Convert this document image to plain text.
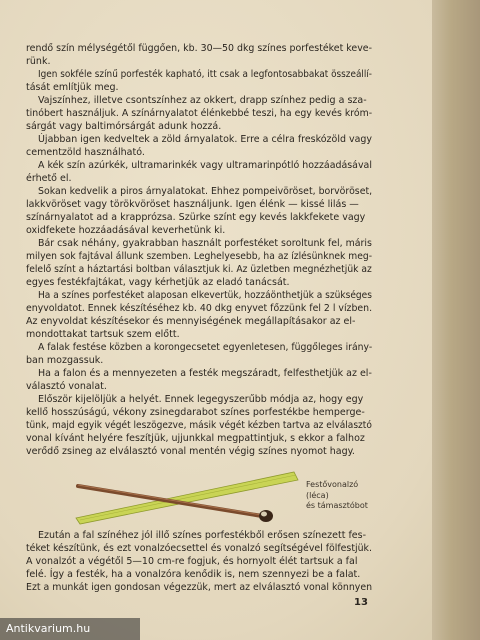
rendő szín mélységétől függően, kb. 30—50 dkg színes porfestéket keve-
rünk.
Igen sokféle színű porfesték kapható, itt csak a legfontosabbakat összeállí-
tását említjük meg.
Vajszínhez, illetve csontszínhez az okkert, drapp színhez pedig a sza-
tinóbert használjuk. A színárnyalatot élénkebbé teszi, ha egy kevés króm-
sárgát vagy baltimórsárgát adunk hozzá.
Újabban igen kedveltek a zöld árnyalatok. Erre a célra freskózöld vagy
cementzöld használható.
A kék szín azúrkék, ultramarinkék vagy ultramarinpótló hozzáadásával
érhető el.
Sokan kedvelik a piros árnyalatokat. Ehhez pompeivöröset, borvöröset,
lakkvöröset vagy törökvöröset használjunk. Igen élénk — kissé lilás —
színárnyalatot ad a krapprózsa. Szürke színt egy kevés lakkfekete vagy
oxidfekete hozzáadásával keverhetünk ki.
Bár csak néhány, gyakrabban használt porfestéket soroltunk fel, máris
milyen sok fajtával állunk szemben. Leghelyesebb, ha az ízlésünknek meg-
felelő színt a háztartási boltban választjuk ki. Az üzletben megnézhetjük az
egyes festékfajtákat, vagy kérhetjük az eladó tanácsát.
Ha a színes porfestéket alaposan elkevertük, hozzáönthetjük a szükséges
enyvoldatot. Ennek készítéséhez kb. 40 dkg enyvet főzzünk fel 2 l vízben.
Az enyvoldat készítésekor és mennyiségének megállapításakor az el-
mondottakat tartsuk szem előtt.
A falak festése közben a korongecsetet egyenletesen, függőleges irány-
ban mozgassuk.
Ha a falon és a mennyezeten a festék megszáradt, felfesthetjük az el-
választó vonalat.
Először kijelöljük a helyét. Ennek legegyszerűbb módja az, hogy egy
kellő hosszúságú, vékony zsinegdarabot színes porfestékbe hemperge-
tünk, majd egyik végét leszögezve, másik végét kézben tartva az elválasztó
vonal kívánt helyére feszítjük, ujjunkkal megpattintjuk, s ekkor a falhoz
verődő zsineg az elválasztó vonal mentén végig színes nyomot hagy.
Ezután a fal színéhez jól illő színes porfestékből erősen színezett fes-
téket készítünk, és ezt vonalzóecsettel és vonalzó segítségével fölfestjük.
A vonalzót a végétől 5—10 cm-re fogjuk, és hornyolt élét tartsuk a fal
felé. Így a festék, ha a vonalzóra kenődik is, nem szennyezi be a falat.
Ezt a munkát igen gondosan végezzük, mert az elválasztó vonal könnyen
Festővonalzó
(léca)
és támasztóbot
13
Antikvarium.hu
